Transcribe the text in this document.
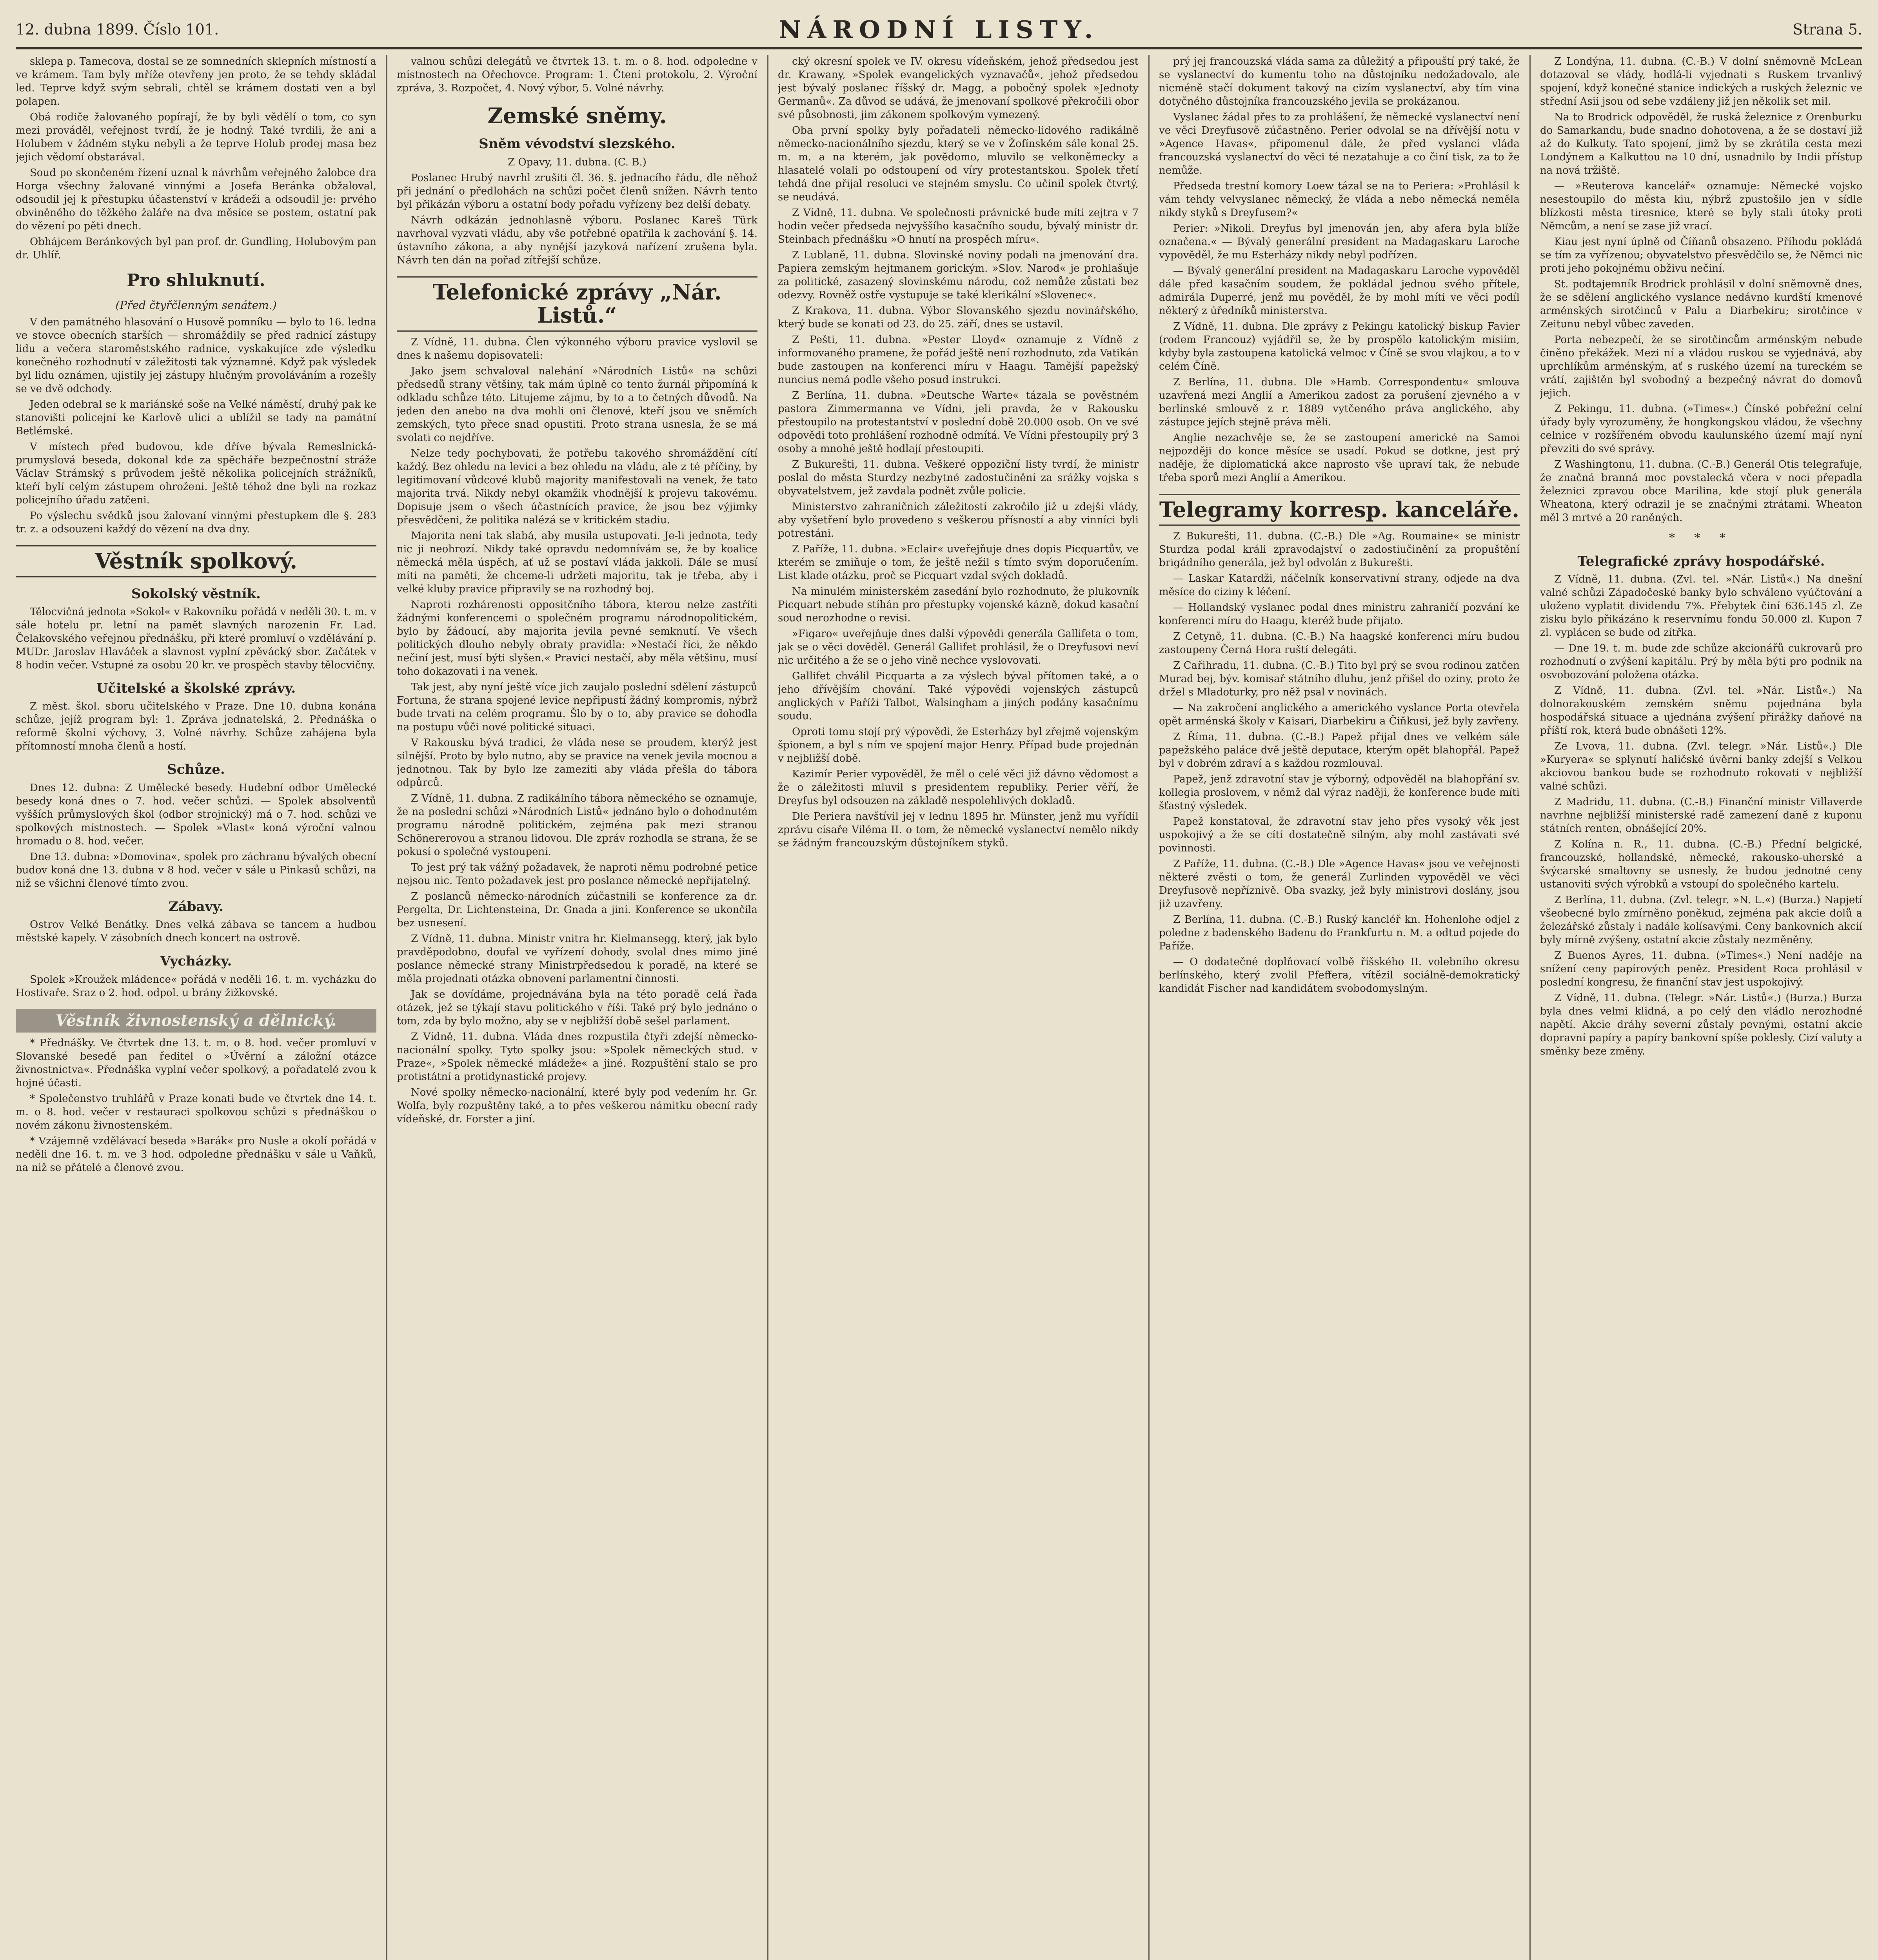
12. dubna 1899. Číslo 101.	NÁRODNÍ LISTY.	Strana 5.

sklepa p. Tamecova, dostal se ze somnedních sklepních místností a ve krámem. Tam byly mříže otevřeny jen proto, že se tehdy skládal led. Teprve když svým sebrali, chtěl se krámem dostati ven a byl polapen.

Obá rodiče žalovaného popírají, že by byli vědělí o tom, co syn mezi prováděl, veřejnost tvrdí, že je hodný. Také tvrdili, že ani a Holubem v žádném styku nebyli a že teprve Holub prodej masa bez jejich vědomí obstarával.

Soud po skončeném řízení uznal k návrhům veřejného žalobce dra Horga všechny žalované vinnými a Josefa Beránka obžaloval, odsoudil jej k přestupku účastenství v krádeži a odsoudil je: prvého obviněného do těžkého žaláře na dva měsíce se postem, ostatní pak do vězení po pěti dnech.

Obhájcem Beránkových byl pan prof. dr. Gundling, Holubovým pan dr. Uhlíř.

Pro shluknutí.
(Před čtyřčlenným senátem.)

V den památného hlasování o Husově pomníku — bylo to 16. ledna ve stovce obecních starších — shromáždily se před radnicí zástupy lidu a večera staroměstského radnice, vyskakujíce zde výsledku konečného rozhodnutí v záležitosti tak významné. Když pak výsledek byl lidu oznámen, ujistily jej zástupy hlučným provoláváním a rozešly se ve dvě odchody.

Jeden odebral se k mariánské soše na Velké náměstí, druhý pak ke stanovišti policejní ke Karlově ulici a ublížil se tady na památní Betlémské.

V místech před budovou, kde dříve bývala Remeslnická-prumyslová beseda, dokonal kde za spěcháře bezpečnostní stráže Václav Strámský s průvodem ještě několika policejních strážníků, kteří bylí celým zástupem ohroženi. Ještě téhož dne byli na rozkaz policejního úřadu zatčeni.

Po výslechu svědků jsou žalovaní vinnými přestupkem dle §. 283 tr. z. a odsouzeni každý do vězení na dva dny.

Věstník spolkový.
Sokolský věstník.

Tělocvičná jednota »Sokol« v Rakovníku pořádá v neděli 30. t. m. v sále hotelu pr. letní na pamět slavných narozenin Fr. Lad. Čelakovského veřejnou přednášku, při které promluví o vzdělávání p. MUDr. Jaroslav Hlaváček a slavnost vyplní zpěvácký sbor. Začátek v 8 hodin večer. Vstupné za osobu 20 kr. ve prospěch stavby tělocvičny.

Učitelské a školské zprávy.

Z měst. škol. sboru učitelského v Praze. Dne 10. dubna konána schůze, jejíž program byl: 1. Zpráva jednatelská, 2. Přednáška o reformě školní výchovy, 3. Volné návrhy. Schůze zahájena byla přítomností mnoha členů a hostí.

Schůze.

Dnes 12. dubna: Z Umělecké besedy. Hudební odbor Umělecké besedy koná dnes o 7. hod. večer schůzi. — Spolek absolventů vyšších průmyslových škol (odbor strojnický) má o 7. hod. schůzi ve spolkových místnostech. — Spolek »Vlast« koná výroční valnou hromadu o 8. hod. večer.

Dne 13. dubna: »Domovina«, spolek pro záchranu bývalých obecní budov koná dne 13. dubna v 8 hod. večer v sále u Pinkasů schůzi, na niž se všichni členové tímto zvou.

Zábavy.

Ostrov Velké Benátky. Dnes velká zábava se tancem a hudbou městské kapely. V zásobních dnech koncert na ostrově.

Vycházky.

Spolek »Kroužek mládence« pořádá v neděli 16. t. m. vycházku do Hostivaře. Sraz o 2. hod. odpol. u brány žižkovské.

Věstník živnostenský a dělnický.

* Přednášky. Ve čtvrtek dne 13. t. m. o 8. hod. večer promluví v Slovanské besedě pan ředitel o »Úvěrní a záložní otázce živnostnictva«. Přednáška vyplní večer spolkový, a pořadatelé zvou k hojné účasti.

* Společenstvo truhlářů v Praze konati bude ve čtvrtek dne 14. t. m. o 8. hod. večer v restauraci spolkovou schůzi s přednáškou o novém zákonu živnostenském.

* Vzájemně vzdělávací beseda »Barák« pro Nusle a okolí pořádá v neděli dne 16. t. m. ve 3 hod. odpoledne přednášku v sále u Vaňků, na niž se přátelé a členové zvou.

valnou schůzi delegátů ve čtvrtek 13. t. m. o 8. hod. odpoledne v místnostech na Ořechovce. Program: 1. Čtení protokolu, 2. Výroční zpráva, 3. Rozpočet, 4. Nový výbor, 5. Volné návrhy.

Zemské sněmy.
Sněm vévodství slezského.

Z Opavy, 11. dubna. (C. B.)

Poslanec Hrubý navrhl zrušiti čl. 36. §. jednacího řádu, dle něhož při jednání o předlohách na schůzi počet členů snížen. Návrh tento byl přikázán výboru a ostatní body pořadu vyřízeny bez delší debaty.

Návrh odkázán jednohlasně výboru. Poslanec Kareš Türk navrhoval vyzvati vládu, aby vše potřebné opatřila k zachování §. 14. ústavního zákona, a aby nynější jazyková nařízení zrušena byla. Návrh ten dán na pořad zítřejší schůze.

Telefonické zprávy „Nár. Listů.“

Z Vídně, 11. dubna. Člen výkonného výboru pravice vyslovil se dnes k našemu dopisovateli:

Jako jsem schvaloval nalehání »Národních Listů« na schůzi předsedů strany většiny, tak mám úplně co tento žurnál připomíná k odkladu schůze této. Litujeme zájmu, by to a to četných důvodů. Na jeden den anebo na dva mohli oni členové, kteří jsou ve sněmích zemských, tyto přece snad opustiti. Proto strana usnesla, že se má svolati co nejdříve.

Nelze tedy pochybovati, že potřebu takového shromáždění cítí každý. Bez ohledu na levici a bez ohledu na vládu, ale z té příčiny, by legitimovaní vůdcové klubů majority manifestovali na venek, že tato majorita trvá. Nikdy nebyl okamžik vhodnější k projevu takovému. Dopisuje jsem o všech účastnících pravice, že jsou bez výjimky přesvědčeni, že politika nalézá se v kritickém stadiu.

Majorita není tak slabá, aby musila ustupovati. Je-li jednota, tedy nic ji neohrozí. Nikdy také opravdu nedomnívám se, že by koalice německá měla úspěch, ať už se postaví vláda jakkoli. Dále se musí míti na paměti, že chceme-li udržeti majoritu, tak je třeba, aby i velké kluby pravice připravily se na rozhodný boj.

Naproti rozhárenosti oppositčního tábora, kterou nelze zastříti žádnými konferencemi o společném programu národnopolitickém, bylo by žádoucí, aby majorita jevila pevné semknutí. Ve všech politických dlouho nebyly obraty pravidla: »Nestačí říci, že někdo nečiní jest, musí býti slyšen.« Pravici nestačí, aby měla většinu, musí toho dokazovati i na venek.

Tak jest, aby nyní ještě více jich zaujalo poslední sdělení zástupců Fortuna, že strana spojené levice nepřipustí žádný kompromis, nýbrž bude trvati na celém programu. Šlo by o to, aby pravice se dohodla na postupu vůči nové politické situaci.

V Rakousku bývá tradicí, že vláda nese se proudem, kterýž jest silnější. Proto by bylo nutno, aby se pravice na venek jevila mocnou a jednotnou. Tak by bylo lze zameziti aby vláda přešla do tábora odpůrců.

Z Vídně, 11. dubna. Z radikálního tábora německého se oznamuje, že na poslední schůzi »Národních Listů« jednáno bylo o dohodnutém programu národně politickém, zejména pak mezi stranou Schönererovou a stranou lidovou. Dle zpráv rozhodla se strana, že se pokusí o společné vystoupení.

To jest prý tak vážný požadavek, že naproti němu podrobné petice nejsou nic. Tento požadavek jest pro poslance německé nepřijatelný.

Z poslanců německo-národních zúčastnili se konference za dr. Pergelta, Dr. Lichtensteina, Dr. Gnada a jiní. Konference se ukončila bez usnesení.

Z Vídně, 11. dubna. Ministr vnitra hr. Kielmansegg, který, jak bylo pravděpodobno, doufal ve vyřízení dohody, svolal dnes mimo jiné poslance německé strany Ministrpředsedou k poradě, na které se měla projednati otázka obnovení parlamentní činnosti.

Jak se dovídáme, projednávána byla na této poradě celá řada otázek, jež se týkají stavu politického v říši. Také prý bylo jednáno o tom, zda by bylo možno, aby se v nejbližší době sešel parlament.

Z Vídně, 11. dubna. Vláda dnes rozpustila čtyři zdejší německo-nacionální spolky. Tyto spolky jsou: »Spolek německých stud. v Praze«, »Spolek německé mládeže« a jiné. Rozpuštění stalo se pro protistátní a protidynastické projevy.

Nové spolky německo-nacionální, které byly pod vedením hr. Gr. Wolfa, byly rozpuštěny také, a to přes veškerou námitku obecní rady vídeňské, dr. Forster a jiní.

cký okresní spolek ve IV. okresu vídeňském, jehož předsedou jest dr. Krawany, »Spolek evangelických vyznavačů«, jehož předsedou jest bývalý poslanec říšský dr. Magg, a pobočný spolek »Jednoty Germanů«. Za důvod se udává, že jmenovaní spolkové překročili obor své působnosti, jim zákonem spolkovým vymezený.

Oba první spolky byly pořadateli německo-lidového radikálně německo-nacionálního sjezdu, který se ve v Žofínském sále konal 25. m. m. a na kterém, jak povědomo, mluvilo se velkoněmecky a hlasatelé volali po odstoupení od víry protestantskou. Spolek třetí tehdá dne přijal resoluci ve stejném smyslu. Co učinil spolek čtvrtý, se neudává.

Z Vídně, 11. dubna. Ve společnosti právnické bude míti zejtra v 7 hodin večer předseda nejvyššího kasačního soudu, bývalý ministr dr. Steinbach přednášku »O hnutí na prospěch míru«.

Z Lublaně, 11. dubna. Slovinské noviny podali na jmenování dra. Papiera zemským hejtmanem gorickým. »Slov. Narod« je prohlašuje za politické, zasazený slovinskému národu, což nemůže zůstati bez odezvy. Rovněž ostře vystupuje se také klerikální »Slovenec«.

Z Krakova, 11. dubna. Výbor Slovanského sjezdu novinářského, který bude se konati od 23. do 25. září, dnes se ustavil.

Z Pešti, 11. dubna. »Pester Lloyd« oznamuje z Vídně z informovaného pramene, že pořád ještě není rozhodnuto, zda Vatikán bude zastoupen na konferenci míru v Haagu. Tamější papežský nuncius nemá podle všeho posud instrukcí.

Z Berlína, 11. dubna. »Deutsche Warte« tázala se pověstném pastora Zimmermanna ve Vídni, jeli pravda, že v Rakousku přestoupilo na protestantství v poslední době 20.000 osob. On ve své odpovědi toto prohlášení rozhodně odmítá. Ve Vídni přestoupily prý 3 osoby a mnohé ještě hodlají přestoupiti.

Z Bukurešti, 11. dubna. Veškeré oppoziční listy tvrdí, že ministr poslal do města Sturdzy nezbytné zadostučinění za srážky vojska s obyvatelstvem, jež zavdala podnět zvůle policie.

Ministerstvo zahraničních záležitostí zakročilo již u zdejší vlády, aby vyšetření bylo provedeno s veškerou přísností a aby vinníci byli potrestáni.

Z Paříže, 11. dubna. »Eclair« uveřejňuje dnes dopis Picquartův, ve kterém se zmiňuje o tom, že ještě nežil s tímto svým doporučením. List klade otázku, proč se Picquart vzdal svých dokladů.

Na minulém ministerském zasedání bylo rozhodnuto, že plukovník Picquart nebude stíhán pro přestupky vojenské kázně, dokud kasační soud nerozhodne o revisi.

»Figaro« uveřejňuje dnes další výpovědi generála Gallifeta o tom, jak se o věci dověděl. Generál Gallifet prohlásil, že o Dreyfusovi neví nic určitého a že se o jeho vině nechce vyslovovati.

Gallifet chválil Picquarta a za výslech býval přítomen také, a o jeho dřívějším chování. Také výpovědi vojenských zástupců anglických v Paříži Talbot, Walsingham a jiných podány kasačnímu soudu.

Oproti tomu stojí prý výpovědi, že Esterházy byl zřejmě vojenským špionem, a byl s ním ve spojení major Henry. Případ bude projednán v nejbližší době.

Kazimír Perier vypověděl, že měl o celé věci již dávno vědomost a že o záležitosti mluvil s presidentem republiky. Perier věří, že Dreyfus byl odsouzen na základě nespolehlivých dokladů.

Dle Periera navštívil jej v lednu 1895 hr. Münster, jenž mu vyřídil zprávu císaře Viléma II. o tom, že německé vyslanectví nemělo nikdy se žádným francouzským důstojníkem styků.

prý jej francouzská vláda sama za důležitý a připouští prý také, že se vyslanectví do kumentu toho na důstojníku nedožadovalo, ale nicméně stačí dokument takový na cizím vyslanectví, aby tím vina dotyčného důstojníka francouzského jevila se prokázanou.

Vyslanec žádal přes to za prohlášení, že německé vyslanectví není ve věci Dreyfusově zúčastněno. Perier odvolal se na dřívější notu v »Agence Havas«, připomenul dále, že před vyslancí vláda francouzská vyslanectví do věci té nezatahuje a co činí tisk, za to že nemůže.

Předseda trestní komory Loew tázal se na to Periera: »Prohlásil k vám tehdy velvyslanec německý, že vláda a nebo německá neměla nikdy styků s Dreyfusem?«

Perier: »Nikoli. Dreyfus byl jmenován jen, aby afera byla blíže označena.« — Bývalý generální president na Madagaskaru Laroche vypověděl, že mu Esterházy nikdy nebyl podřízen.

— Bývalý generální president na Madagaskaru Laroche vypověděl dále před kasačním soudem, že pokládal jednou svého přítele, admirála Duperré, jenž mu pověděl, že by mohl míti ve věci podíl některý z úředníků ministerstva.

Z Vídně, 11. dubna. Dle zprávy z Pekingu katolický biskup Favier (rodem Francouz) vyjádřil se, že by prospělo katolickým misiím, kdyby byla zastoupena katolická velmoc v Číně se svou vlajkou, a to v celém Číně.

Z Berlína, 11. dubna. Dle »Hamb. Correspondentu« smlouva uzavřená mezi Anglií a Amerikou zadost za porušení zjevného a v berlínské smlouvě z r. 1889 vytčeného práva anglického, aby zástupce jejích stejně práva měli.

Anglie nezachvěje se, že se zastoupení americké na Samoi nejpozději do konce měsíce se usadí. Pokud se dotkne, jest prý naděje, že diplomatická akce naprosto vše upraví tak, že nebude třeba sporů mezi Anglií a Amerikou.

Telegramy korresp. kanceláře.

Z Bukurešti, 11. dubna. (C.-B.) Dle »Ag. Roumaine« se ministr Sturdza podal králi zpravodajství o zadostiučinění za propuštění brigádního generála, jež byl odvolán z Bukurešti.

— Laskar Katardži, náčelník konservativní strany, odjede na dva měsíce do ciziny k léčení.

— Hollandský vyslanec podal dnes ministru zahraničí pozvání ke konferenci míru do Haagu, kteréž bude přijato.

Z Cetyně, 11. dubna. (C.-B.) Na haagské konferenci míru budou zastoupeny Černá Hora ruští delegáti.

Z Cařihradu, 11. dubna. (C.-B.) Tito byl prý se svou rodinou zatčen Murad bej, býv. komisař státního dluhu, jenž přišel do oziny, proto že držel s Mladoturky, pro něž psal v novinách.

— Na zakročení anglického a amerického vyslance Porta otevřela opět arménská školy v Kaisari, Diarbekiru a Čiňkusi, jež byly zavřeny.

Z Říma, 11. dubna. (C.-B.) Papež přijal dnes ve velkém sále papežského paláce dvě ještě deputace, kterým opět blahopřál. Papež byl v dobrém zdraví a s každou rozmlouval.

Papež, jenž zdravotní stav je výborný, odpověděl na blahopřání sv. kollegia proslovem, v němž dal výraz naději, že konference bude míti šťastný výsledek.

Papež konstatoval, že zdravotní stav jeho přes vysoký věk jest uspokojivý a že se cítí dostatečně silným, aby mohl zastávati své povinnosti.

Z Paříže, 11. dubna. (C.-B.) Dle »Agence Havas« jsou ve veřejnosti některé zvěsti o tom, že generál Zurlinden vypověděl ve věci Dreyfusově nepříznivě. Oba svazky, jež byly ministrovi doslány, jsou již uzavřeny.

Z Berlína, 11. dubna. (C.-B.) Ruský kancléř kn. Hohenlohe odjel z poledne z badenského Badenu do Frankfurtu n. M. a odtud pojede do Paříže.

— O dodatečné doplňovací volbě říšského II. volebního okresu berlínského, který zvolil Pfeffera, vítězil sociálně-demokratický kandidát Fischer nad kandidátem svobodomyslným.

Z Londýna, 11. dubna. (C.-B.) V dolní sněmovně McLean dotazoval se vlády, hodlá-li vyjednati s Ruskem trvanlivý spojení, když konečné stanice indických a ruských železnic ve střední Asii jsou od sebe vzdáleny již jen několik set mil.

Na to Brodrick odpověděl, že ruská železnice z Orenburku do Samarkandu, bude snadno dohotovena, a že se dostaví již až do Kulkuty. Tato spojení, jimž by se zkrátila cesta mezi Londýnem a Kalkuttou na 10 dní, usnadnilo by Indii přístup na nová tržiště.

— »Reuterova kancelář« oznamuje: Německé vojsko nesestoupilo do města kiu, nýbrž zpustošilo jen v sídle blízkosti města tiresnice, které se byly stali útoky proti Němcům, a není se zase již vrací.

Kiau jest nyní úplně od Číňanů obsazeno. Příhodu pokládá se tím za vyřízenou; obyvatelstvo přesvědčilo se, že Němci nic proti jeho pokojnému obživu nečiní.

St. podtajemník Brodrick prohlásil v dolní sněmovně dnes, že se sdělení anglického vyslance nedávno kurdští kmenové arménských sirotčinců v Palu a Diarbekiru; sirotčince v Zeitunu nebyl vůbec zaveden.

Porta nebezpečí, že se sirotčincům arménským nebude činěno překážek. Mezi ní a vládou ruskou se vyjednává, aby uprchlíkům arménským, ať s ruského území na tureckém se vrátí, zajištěn byl svobodný a bezpečný návrat do domovů jejich.

Z Pekingu, 11. dubna. (»Times«.) Čínské pobřežní celní úřady byly vyrozuměny, že hongkongskou vládou, že všechny celnice v rozšířeném obvodu kaulunského území mají nyní převzíti do své správy.

Z Washingtonu, 11. dubna. (C.-B.) Generál Otis telegrafuje, že značná branná moc povstalecká včera v noci přepadla železnici zpravou obce Marilina, kde stojí pluk generála Wheatona, který odrazil je se značnými ztrátami. Wheaton měl 3 mrtvé a 20 raněných.

* * *
Telegrafické zprávy hospodářské.

Z Vídně, 11. dubna. (Zvl. tel. »Nár. Listů«.) Na dnešní valné schůzi Západočeské banky bylo schváleno vyúčtování a uloženo vyplatit dividendu 7%. Přebytek činí 636.145 zl. Ze zisku bylo přikázáno k reservnímu fondu 50.000 zl. Kupon 7 zl. vyplácen se bude od zítřka.

— Dne 19. t. m. bude zde schůze akcionářů cukrovarů pro rozhodnutí o zvýšení kapitálu. Prý by měla býti pro podnik na osvobozování položena otázka.

Z Vídně, 11. dubna. (Zvl. tel. »Nár. Listů«.) Na dolnorakouském zemském sněmu pojednána byla hospodářská situace a ujednána zvýšení přirážky daňové na příští rok, která bude obnášeti 12%.

Ze Lvova, 11. dubna. (Zvl. telegr. »Nár. Listů«.) Dle »Kuryera« se splynutí haličské úvěrní banky zdejší s Velkou akciovou bankou bude se rozhodnuto rokovati v nejbližší valné schůzi.

Z Madridu, 11. dubna. (C.-B.) Finanční ministr Villaverde navrhne nejbližší ministerské radě zamezení daně z kuponu státních renten, obnášející 20%.

Z Kolína n. R., 11. dubna. (C.-B.) Přední belgické, francouzské, hollandské, německé, rakousko-uherské a švýcarské smaltovny se usnesly, že budou jednotné ceny ustanoviti svých výrobků a vstoupí do společného kartelu.

Z Berlína, 11. dubna. (Zvl. telegr. »N. L.«) (Burza.) Napjetí všeobecné bylo zmírněno poněkud, zejména pak akcie dolů a železářské zůstaly i nadále kolísavými. Ceny bankovních akcií byly mírně zvýšeny, ostatní akcie zůstaly nezměněny.

Z Buenos Ayres, 11. dubna. (»Times«.) Není naděje na snížení ceny papírových peněz. President Roca prohlásil v poslední kongresu, že finanční stav jest uspokojivý.

Z Vídně, 11. dubna. (Telegr. »Nár. Listů«.) (Burza.) Burza byla dnes velmi klidná, a po celý den vládlo nerozhodné napětí. Akcie dráhy severní zůstaly pevnými, ostatní akcie dopravní papíry a papíry bankovní spíše poklesly. Cizí valuty a směnky beze změny.
